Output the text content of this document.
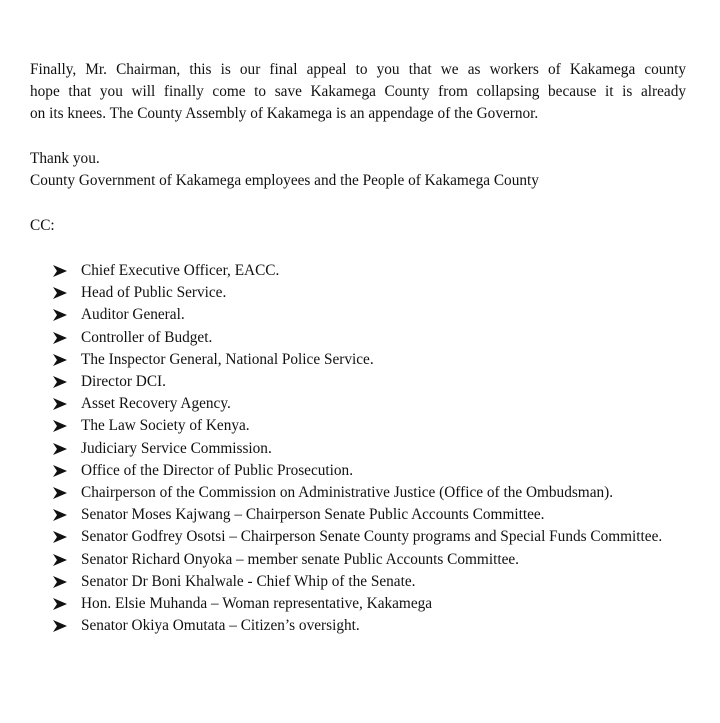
Finally, Mr. Chairman, this is our final appeal to you that we as workers of Kakamega county
hope that you will finally come to save Kakamega County from collapsing because it is already
on its knees. The County Assembly of Kakamega is an appendage of the Governor.

Thank you.
County Government of Kakamega employees and the People of Kakamega County

CC:

Chief Executive Officer, EACC.
Head of Public Service.
Auditor General.
Controller of Budget.
The Inspector General, National Police Service.
Director DCI.
Asset Recovery Agency.
The Law Society of Kenya.
Judiciary Service Commission.
Office of the Director of Public Prosecution.
Chairperson of the Commission on Administrative Justice (Office of the Ombudsman).
Senator Moses Kajwang – Chairperson Senate Public Accounts Committee.
Senator Godfrey Osotsi – Chairperson Senate County programs and Special Funds Committee.
Senator Richard Onyoka – member senate Public Accounts Committee.
Senator Dr Boni Khalwale - Chief Whip of the Senate.
Hon. Elsie Muhanda – Woman representative, Kakamega
Senator Okiya Omutata – Citizen’s oversight.
